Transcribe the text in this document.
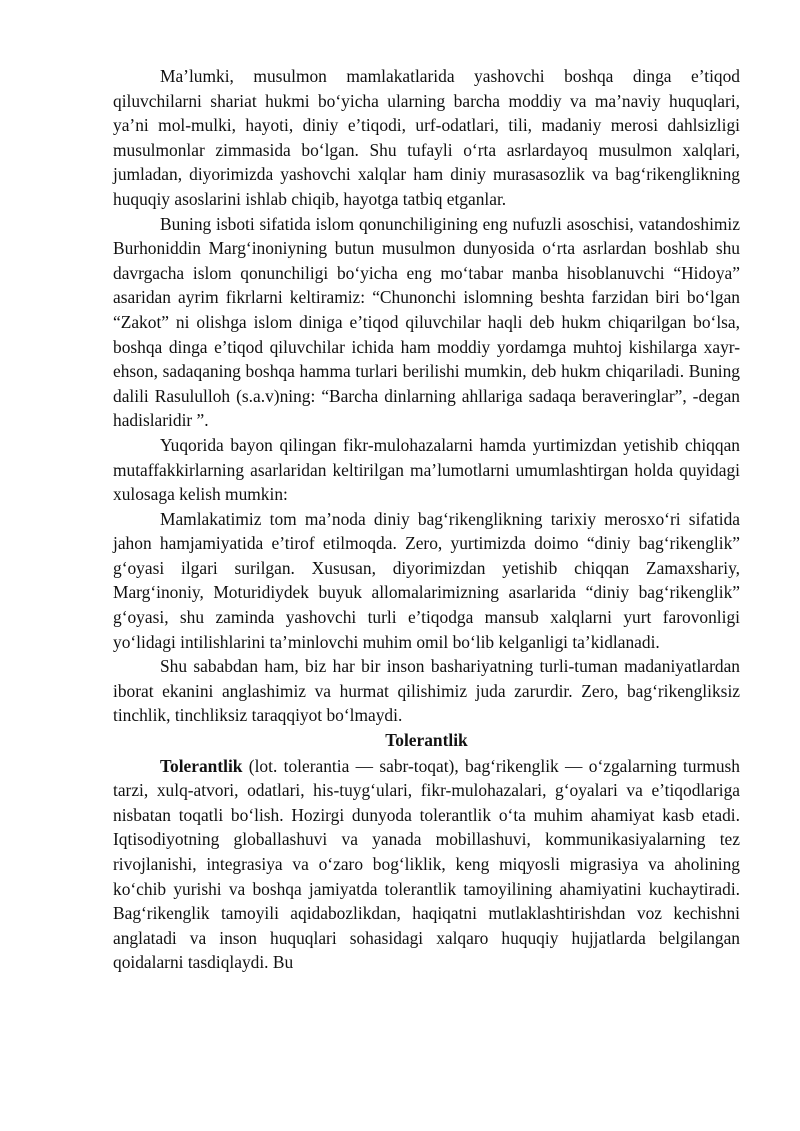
Ma’lumki, musulmon mamlakatlarida yashovchi boshqa dinga e’tiqod qiluvchilarni shariat hukmi bo‘yicha ularning barcha moddiy va ma’naviy huquqlari, ya’ni mol-mulki, hayoti, diniy e’tiqodi, urf-odatlari, tili, madaniy merosi dahlsizligi musulmonlar zimmasida bo‘lgan. Shu tufayli o‘rta asrlardayoq musulmon xalqlari, jumladan, diyorimizda yashovchi xalqlar ham diniy murasasozlik va bag‘rikenglikning huquqiy asoslarini ishlab chiqib, hayotga tatbiq etganlar.

Buning isboti sifatida islom qonunchiligining eng nufuzli asoschisi, vatandoshimiz Burhoniddin Marg‘inoniyning butun musulmon dunyosida o‘rta asrlardan boshlab shu davrgacha islom qonunchiligi bo‘yicha eng mo‘tabar manba hisoblanuvchi “Hidoya” asaridan ayrim fikrlarni keltiramiz: “Chunonchi islomning beshta farzidan biri bo‘lgan “Zakot” ni olishga islom diniga e’tiqod qiluvchilar haqli deb hukm chiqarilgan bo‘lsa, boshqa dinga e’tiqod qiluvchilar ichida ham moddiy yordamga muhtoj kishilarga xayr-ehson, sadaqaning boshqa hamma turlari berilishi mumkin, deb hukm chiqariladi. Buning dalili Rasululloh (s.a.v)ning: “Barcha dinlarning ahllariga sadaqa beraveringlar”, -degan hadislaridir ”.

Yuqorida bayon qilingan fikr-mulohazalarni hamda yurtimizdan yetishib chiqqan mutaffakkirlarning asarlaridan keltirilgan ma’lumotlarni umumlashtirgan holda quyidagi xulosaga kelish mumkin:

Mamlakatimiz tom ma’noda diniy bag‘rikenglikning tarixiy merosxo‘ri sifatida jahon hamjamiyatida e’tirof etilmoqda. Zero, yurtimizda doimo “diniy bag‘rikenglik” g‘oyasi ilgari surilgan. Xususan, diyorimizdan yetishib chiqqan Zamaxshariy, Marg‘inoniy, Moturidiydek buyuk allomalarimizning asarlarida “diniy bag‘rikenglik” g‘oyasi, shu zaminda yashovchi turli e’tiqodga mansub xalqlarni yurt farovonligi yo‘lidagi intilishlarini ta’minlovchi muhim omil bo‘lib kelganligi ta’kidlanadi.

Shu sababdan ham, biz har bir inson bashariyatning turli-tuman madaniyatlardan iborat ekanini anglashimiz va hurmat qilishimiz juda zarurdir. Zero, bag‘rikengliksiz tinchlik, tinchliksiz taraqqiyot bo‘lmaydi.

Tolerantlik

Tolerantlik (lot. tolerantia — sabr-toqat), bag‘rikenglik — o‘zgalarning turmush tarzi, xulq-atvori, odatlari, his-tuyg‘ulari, fikr-mulohazalari, g‘oyalari va e’tiqodlariga nisbatan toqatli bo‘lish. Hozirgi dunyoda tolerantlik o‘ta muhim ahamiyat kasb etadi. Iqtisodiyotning globallashuvi va yanada mobillashuvi, kommunikasiyalarning tez rivojlanishi, integrasiya va o‘zaro bog‘liklik, keng miqyosli migrasiya va aholining ko‘chib yurishi va boshqa jamiyatda tolerantlik tamoyilining ahamiyatini kuchaytiradi. Bag‘rikenglik tamoyili aqidabozlikdan, haqiqatni mutlaklashtirishdan voz kechishni anglatadi va inson huquqlari sohasidagi xalqaro huquqiy hujjatlarda belgilangan qoidalarni tasdiqlaydi. Bu
